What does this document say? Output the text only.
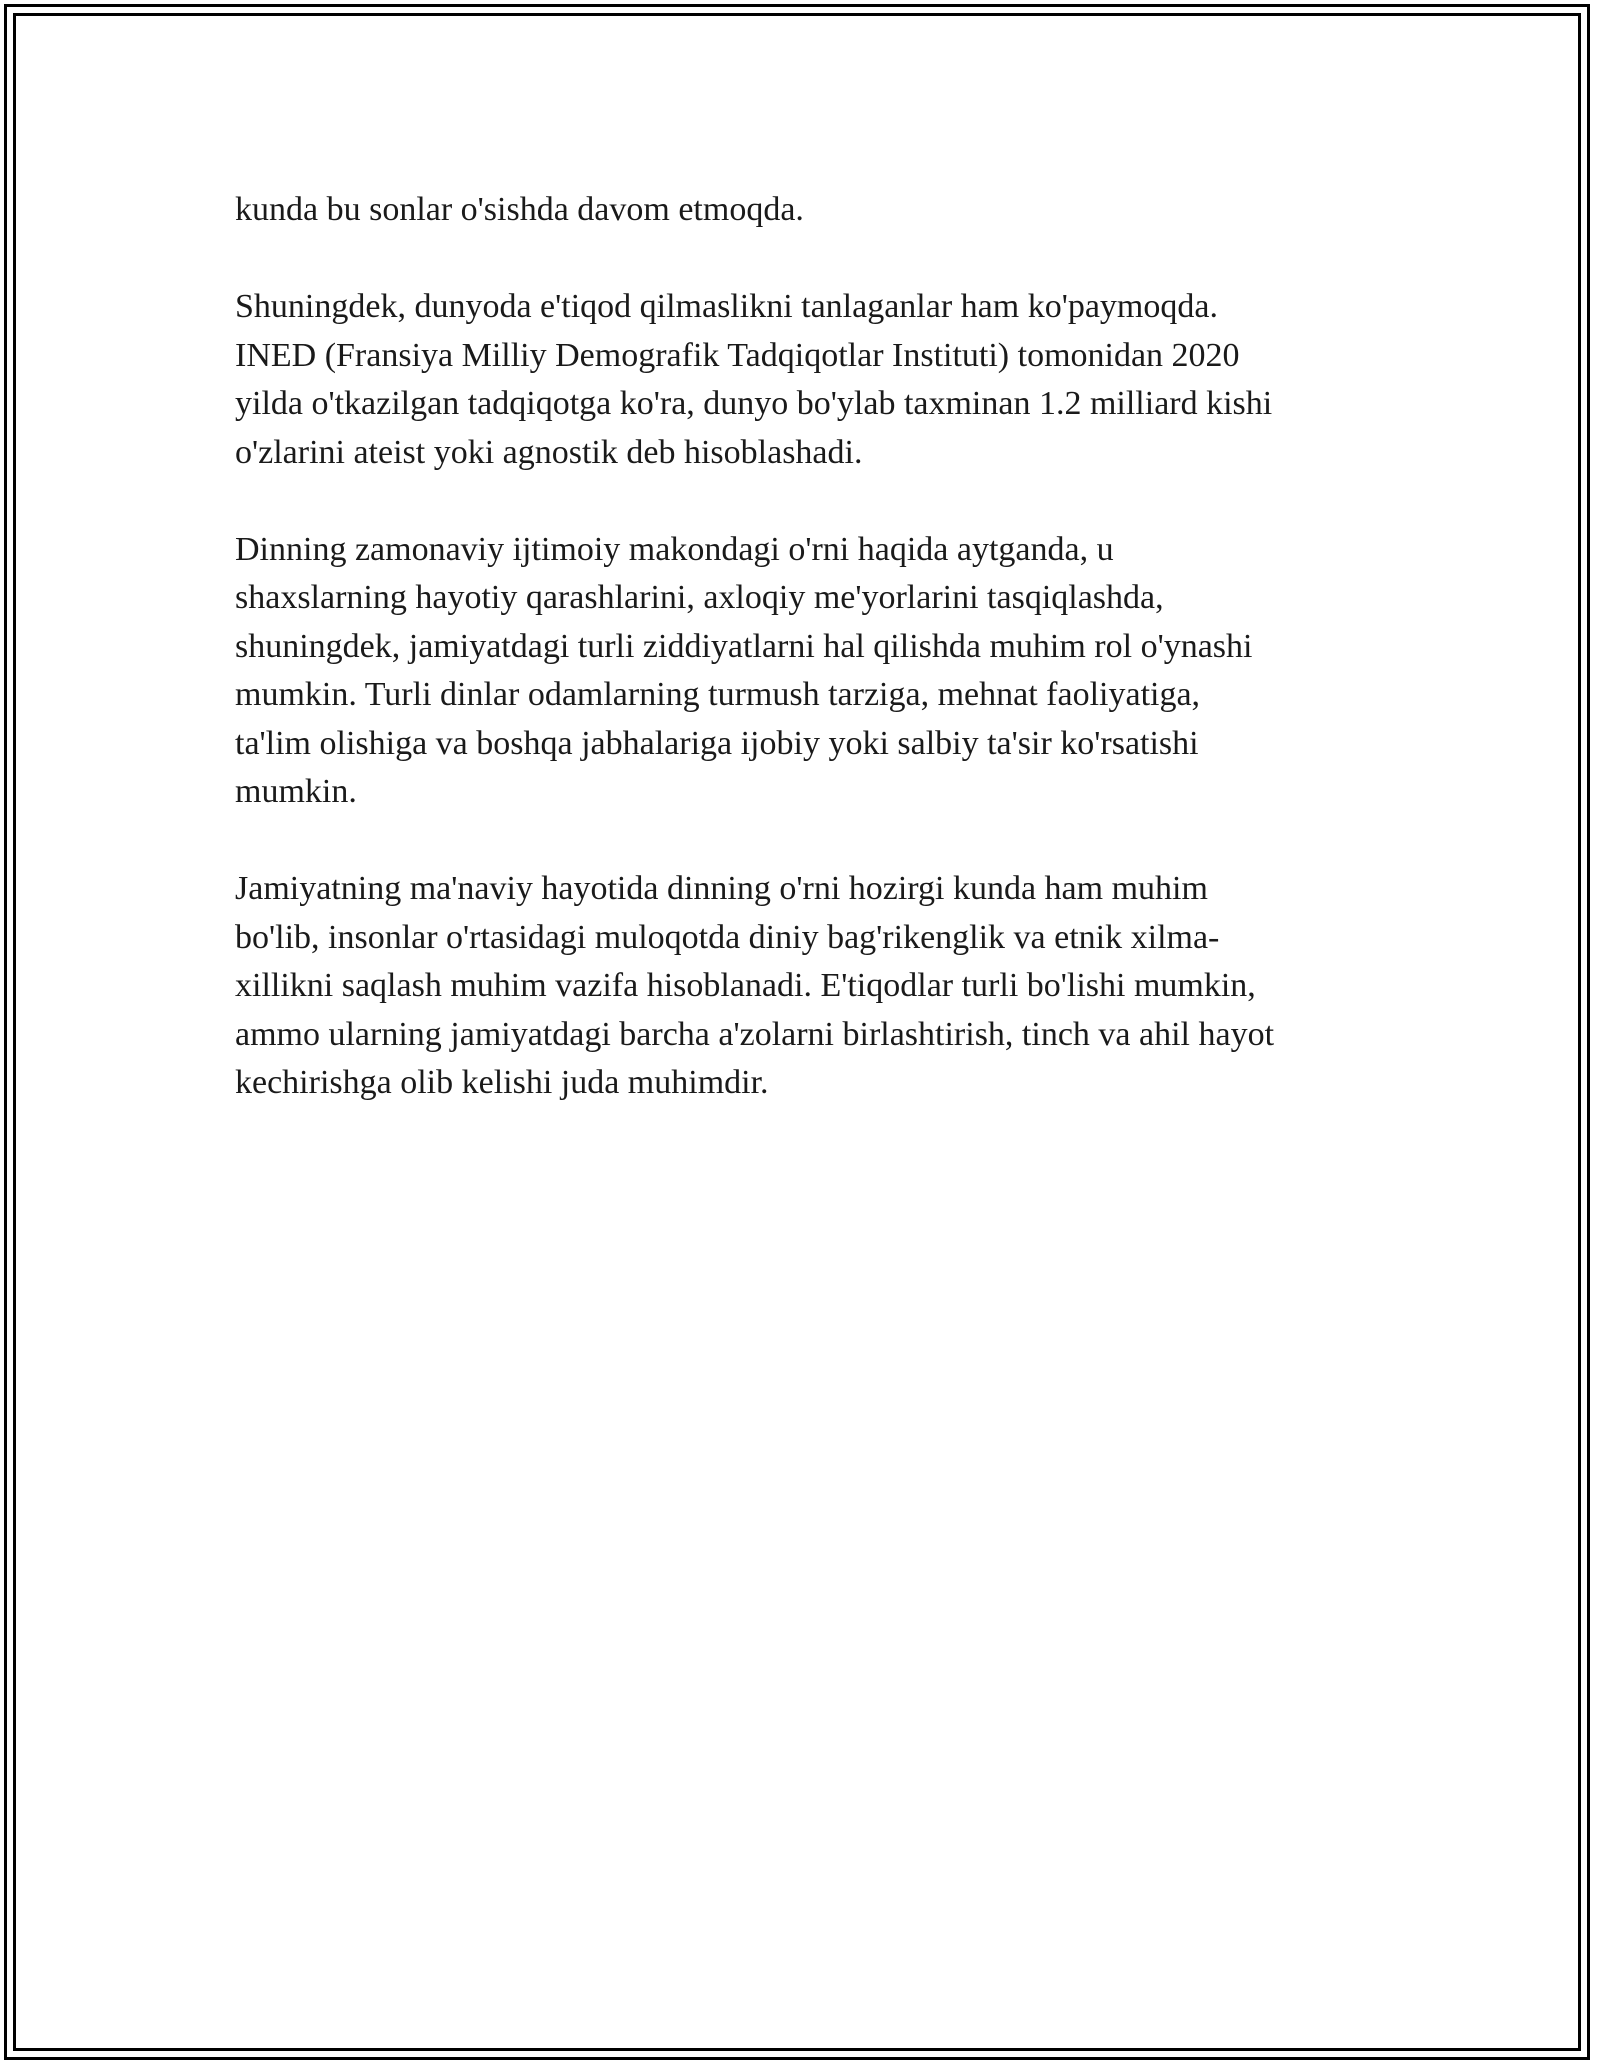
kunda bu sonlar o'sishda davom etmoqda.

Shuningdek, dunyoda e'tiqod qilmaslikni tanlaganlar ham ko'paymoqda.
INED (Fransiya Milliy Demografik Tadqiqotlar Instituti) tomonidan 2020
yilda o'tkazilgan tadqiqotga ko'ra, dunyo bo'ylab taxminan 1.2 milliard kishi
o'zlarini ateist yoki agnostik deb hisoblashadi.

Dinning zamonaviy ijtimoiy makondagi o'rni haqida aytganda, u
shaxslarning hayotiy qarashlarini, axloqiy me'yorlarini tasqiqlashda,
shuningdek, jamiyatdagi turli ziddiyatlarni hal qilishda muhim rol o'ynashi
mumkin. Turli dinlar odamlarning turmush tarziga, mehnat faoliyatiga,
ta'lim olishiga va boshqa jabhalariga ijobiy yoki salbiy ta'sir ko'rsatishi
mumkin.

Jamiyatning ma'naviy hayotida dinning o'rni hozirgi kunda ham muhim
bo'lib, insonlar o'rtasidagi muloqotda diniy bag'rikenglik va etnik xilma-
xillikni saqlash muhim vazifa hisoblanadi. E'tiqodlar turli bo'lishi mumkin,
ammo ularning jamiyatdagi barcha a'zolarni birlashtirish, tinch va ahil hayot
kechirishga olib kelishi juda muhimdir.
